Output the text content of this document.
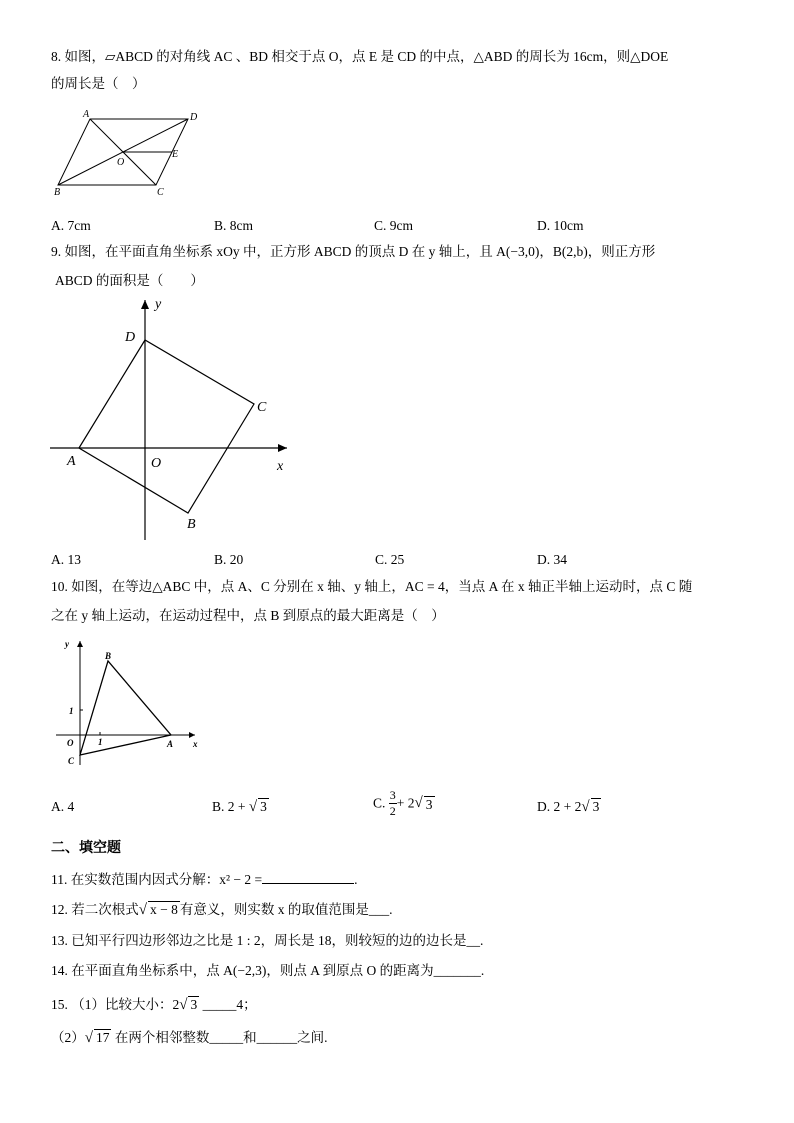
8. 如图，▱ABCD 的对角线 AC 、BD 相交于点 O，点 E 是 CD 的中点，△ABD 的周长为 16cm，则△DOE
的周长是（　）
A	D
O
E
B	C
A. 7cm	B. 8cm	C. 9cm	D. 10cm
9. 如图，在平面直角坐标系 xOy 中，正方形 ABCD 的顶点 D 在 y 轴上，且 A(−3,0)，B(2,b)，则正方形
ABCD 的面积是（　　）
y
D
C
A	O	x
B
A. 13	B. 20	C. 25	D. 34
10. 如图，在等边△ABC 中，点 A、C 分别在 x 轴、y 轴上，AC = 4，当点 A 在 x 轴正半轴上运动时，点 C 随
之在 y 轴上运动，在运动过程中，点 B 到原点的最大距离是（　）
y
B
1
O	1	A x
C
A. 4	B. 2 + √ 3	C. $\frac{3}{2} + 2√$ 3	D. 2 + 2√ 3
二、填空题
11. 在实数范围内因式分解：x² − 2 =	.
12. 若二次根式√ x − 8 有意义，则实数 x 的取值范围是___.
13. 已知平行四边形邻边之比是 1 : 2，周长是 18，则较短的边的边长是__.
14. 在平面直角坐标系中，点 A(−2,3)，则点 A 到原点 O 的距离为_______.
15. （1）比较大小：2√ 3 _____4；
（2）√ 17 在两个相邻整数_____和______之间.
